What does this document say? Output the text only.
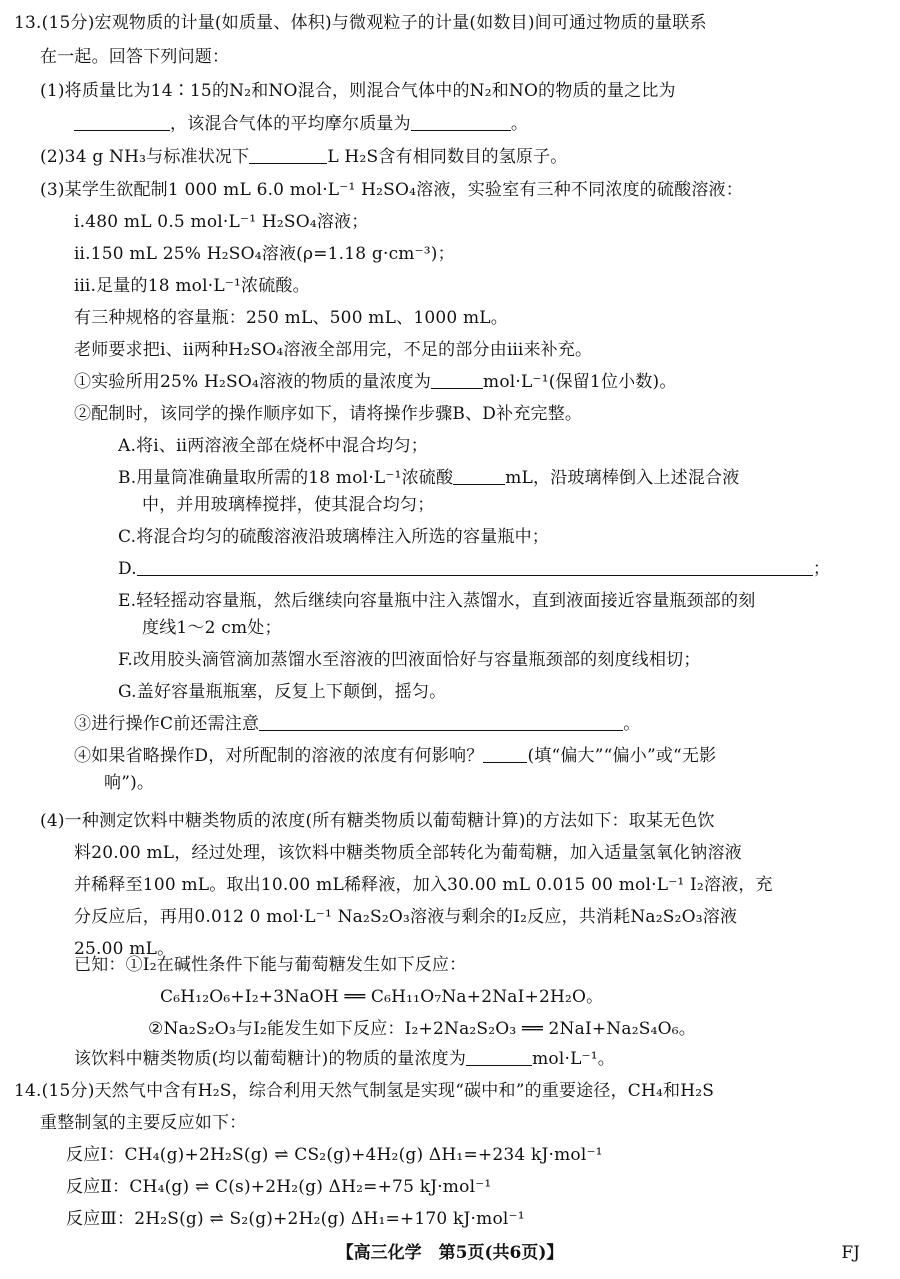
13.(15分)宏观物质的计量(如质量、体积)与微观粒子的计量(如数目)间可通过物质的量联系
在一起。回答下列问题：
(1)将质量比为14∶15的N₂和NO混合，则混合气体中的N₂和NO的物质的量之比为
，该混合气体的平均摩尔质量为	。
(2)34 g NH₃与标准状况下	L H₂S含有相同数目的氢原子。
(3)某学生欲配制1 000 mL 6.0 mol·L⁻¹ H₂SO₄溶液，实验室有三种不同浓度的硫酸溶液：
ⅰ.480 mL 0.5 mol·L⁻¹ H₂SO₄溶液；
ⅱ.150 mL 25% H₂SO₄溶液(ρ=1.18 g·cm⁻³)；
ⅲ.足量的18 mol·L⁻¹浓硫酸。
有三种规格的容量瓶：250 mL、500 mL、1000 mL。
老师要求把ⅰ、ⅱ两种H₂SO₄溶液全部用完，不足的部分由ⅲ来补充。
①实验所用25% H₂SO₄溶液的物质的量浓度为	mol·L⁻¹(保留1位小数)。
②配制时，该同学的操作顺序如下，请将操作步骤B、D补充完整。
A.将ⅰ、ⅱ两溶液全部在烧杯中混合均匀；
B.用量筒准确量取所需的18 mol·L⁻¹浓硫酸	mL，沿玻璃棒倒入上述混合液
中，并用玻璃棒搅拌，使其混合均匀；
C.将混合均匀的硫酸溶液沿玻璃棒注入所选的容量瓶中；
D.	；
E.轻轻摇动容量瓶，然后继续向容量瓶中注入蒸馏水，直到液面接近容量瓶颈部的刻
度线1～2 cm处；
F.改用胶头滴管滴加蒸馏水至溶液的凹液面恰好与容量瓶颈部的刻度线相切；
G.盖好容量瓶瓶塞，反复上下颠倒，摇匀。
③进行操作C前还需注意	。
④如果省略操作D，对所配制的溶液的浓度有何影响？	(填“偏大”“偏小”或“无影
响”)。
(4)一种测定饮料中糖类物质的浓度(所有糖类物质以葡萄糖计算)的方法如下：取某无色饮
料20.00 mL，经过处理，该饮料中糖类物质全部转化为葡萄糖，加入适量氢氧化钠溶液
并稀释至100 mL。取出10.00 mL稀释液，加入30.00 mL 0.015 00 mol·L⁻¹ I₂溶液，充
分反应后，再用0.012 0 mol·L⁻¹ Na₂S₂O₃溶液与剩余的I₂反应，共消耗Na₂S₂O₃溶液
25.00 mL。
已知：①I₂在碱性条件下能与葡萄糖发生如下反应：
C₆H₁₂O₆+I₂+3NaOH ══ C₆H₁₁O₇Na+2NaI+2H₂O。
②Na₂S₂O₃与I₂能发生如下反应：I₂+2Na₂S₂O₃ ══ 2NaI+Na₂S₄O₆。
该饮料中糖类物质(均以葡萄糖计)的物质的量浓度为	mol·L⁻¹。
14.(15分)天然气中含有H₂S，综合利用天然气制氢是实现“碳中和”的重要途径，CH₄和H₂S
重整制氢的主要反应如下：
反应Ⅰ：CH₄(g)+2H₂S(g) ⇌ CS₂(g)+4H₂(g) ΔH₁=+234 kJ·mol⁻¹
反应Ⅱ：CH₄(g) ⇌ C(s)+2H₂(g) ΔH₂=+75 kJ·mol⁻¹
反应Ⅲ：2H₂S(g) ⇌ S₂(g)+2H₂(g) ΔH₁=+170 kJ·mol⁻¹
【高三化学　第5页(共6页)】	FJ
